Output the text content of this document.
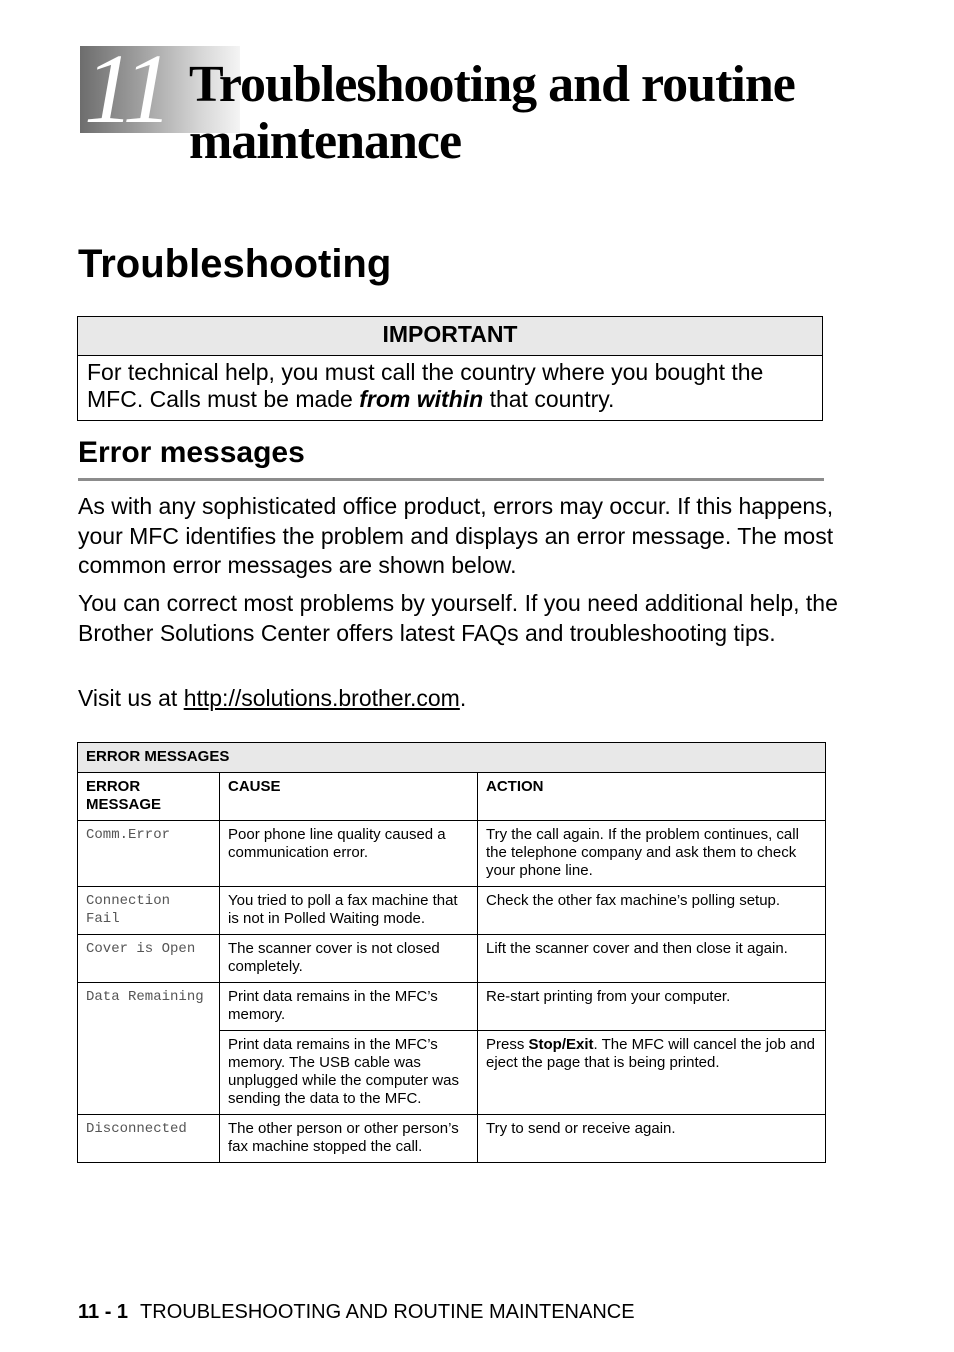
11 Troubleshooting and routine
maintenance
Troubleshooting
IMPORTANT
For technical help, you must call the country where you bought the MFC. Calls must be made from within that country.
Error messages

As with any sophisticated office product, errors may occur. If this happens, your MFC identifies the problem and displays an error message. The most common error messages are shown below.

You can correct most problems by yourself. If you need additional help, the Brother Solutions Center offers latest FAQs and troubleshooting tips.

Visit us at http://solutions.brother.com.

ERROR MESSAGES		
ERROR MESSAGE	CAUSE	ACTION
Comm.Error	Poor phone line quality caused a communication error.	Try the call again. If the problem continues, call the telephone company and ask them to check your phone line.
Connection Fail	You tried to poll a fax machine that is not in Polled Waiting mode.	Check the other fax machine’s polling setup.
Cover is Open	The scanner cover is not closed completely.	Lift the scanner cover and then close it again.
Data Remaining	Print data remains in the MFC’s memory.	Re-start printing from your computer.
	Print data remains in the MFC’s memory. The USB cable was unplugged while the computer was sending the data to the MFC.	Press Stop/Exit. The MFC will cancel the job and eject the page that is being printed.
Disconnected	The other person or other person’s fax machine stopped the call.	Try to send or receive again.
11 - 1 TROUBLESHOOTING AND ROUTINE MAINTENANCE
